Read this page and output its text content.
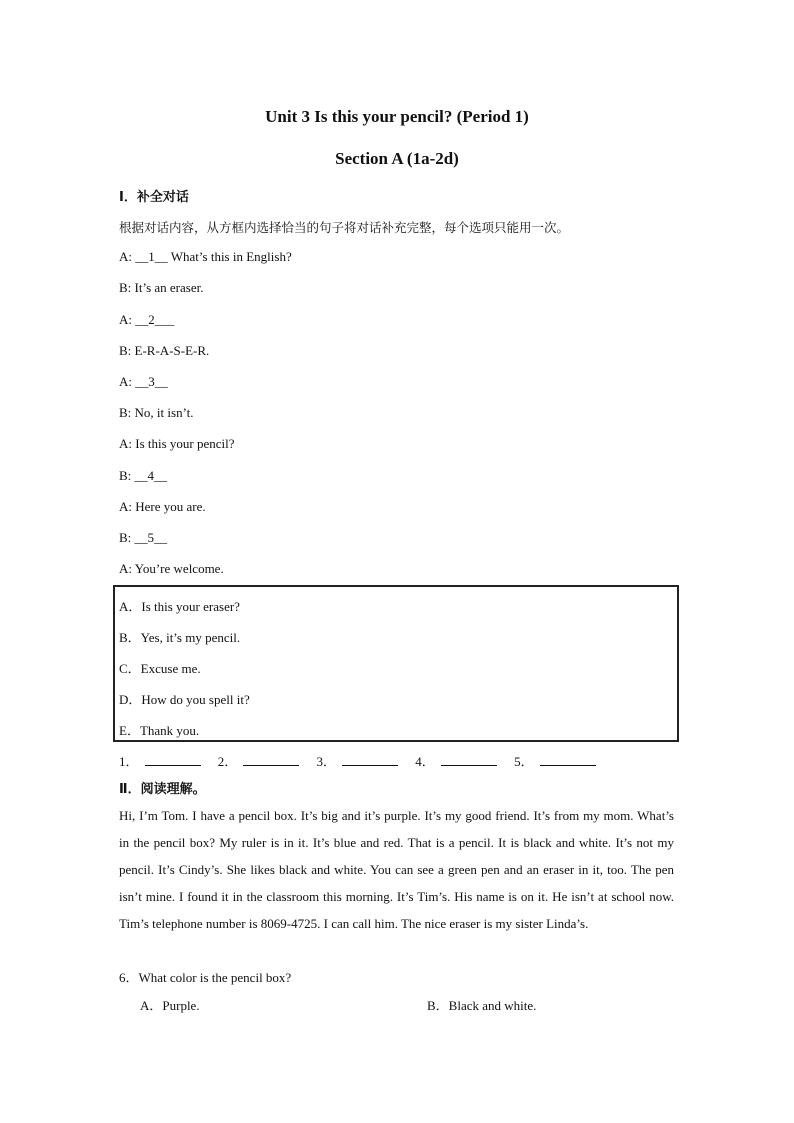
Unit 3 Is this your pencil? (Period 1)
Section A (1a-2d)
Ⅰ．补全对话
根据对话内容，从方框内选择恰当的句子将对话补充完整，每个选项只能用一次。
A: __1__ What’s this in English?
B: It’s an eraser.
A: __2___
B: E-R-A-S-E-R.
A: __3__
B: No, it isn’t.
A: Is this your pencil?
B: __4__
A: Here you are.
B: __5__
A: You’re welcome.
A．Is this your eraser?
B．Yes, it’s my pencil.
C．Excuse me.
D．How do you spell it?
E．Thank you.
1．	2．	3．	4．	5．
Ⅱ．阅读理解。
Hi, I’m Tom. I have a pencil box. It’s big and it’s purple. It’s my good friend. It’s from my mom. What’s in the pencil box? My ruler is in it. It’s blue and red. That is a pencil. It is black and white. It’s not my pencil. It’s Cindy’s. She likes black and white. You can see a green pen and an eraser in it, too. The pen isn’t mine. I found it in the classroom this morning. It’s Tim’s. His name is on it. He isn’t at school now. Tim’s telephone number is 8069-4725. I can call him. The nice eraser is my sister Linda’s.
6．What color is the pencil box?
A．Purple.	B．Black and white.
